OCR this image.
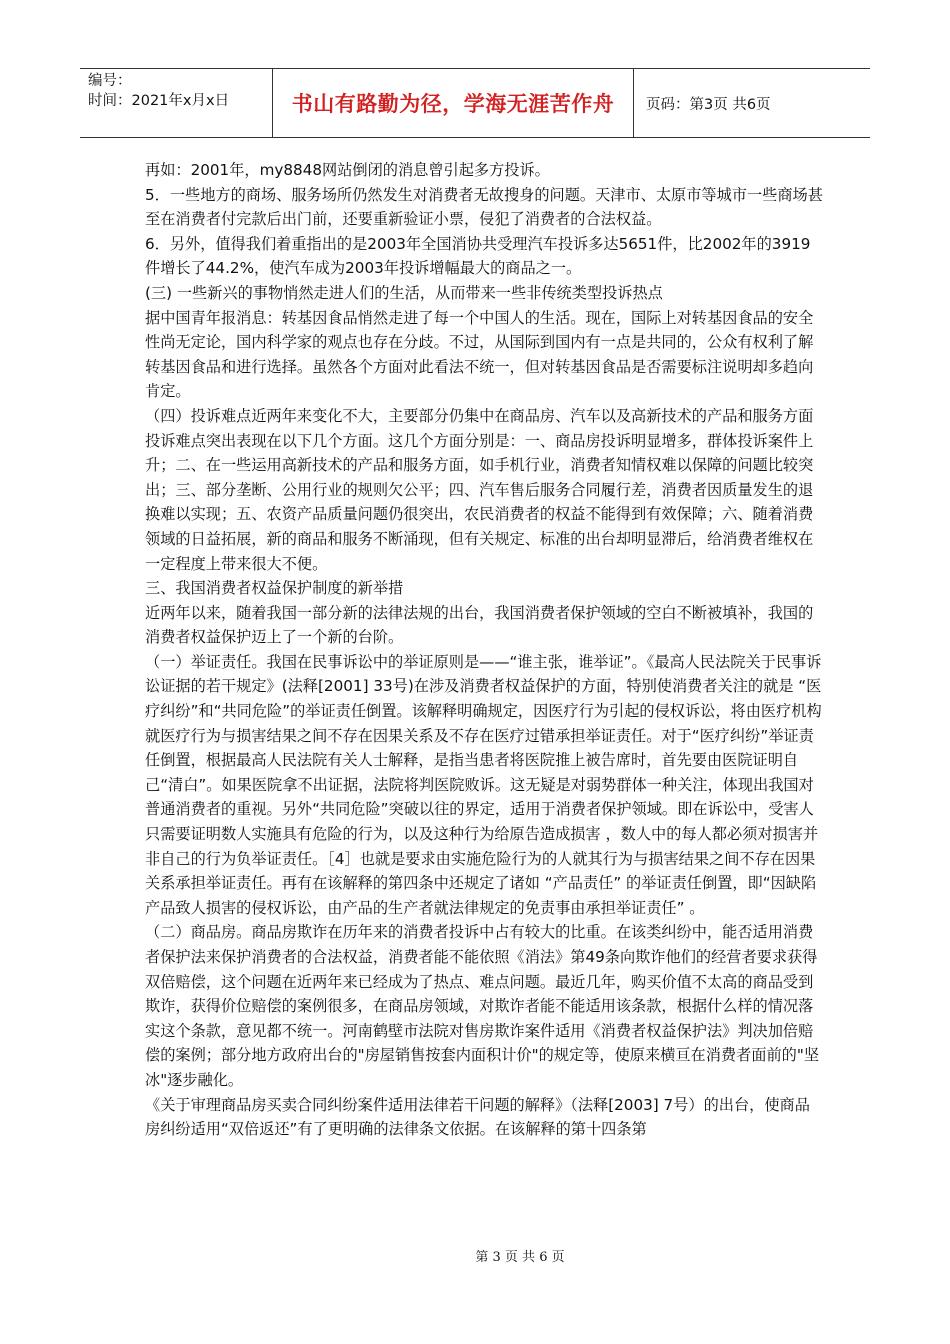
编号：
时间：2021年x月x日	书山有路勤为径，学海无涯苦作舟	页码：第3页 共6页

再如：2001年，my8848网站倒闭的消息曾引起多方投诉。

5．一些地方的商场、服务场所仍然发生对消费者无故搜身的问题。天津市、太原市等城市一些商场甚至在消费者付完款后出门前，还要重新验证小票，侵犯了消费者的合法权益。

6．另外，值得我们着重指出的是2003年全国消协共受理汽车投诉多达5651件，比2002年的3919件增长了44.2%，使汽车成为2003年投诉增幅最大的商品之一。

(三) 一些新兴的事物悄然走进人们的生活，从而带来一些非传统类型投诉热点

据中国青年报消息：转基因食品悄然走进了每一个中国人的生活。现在，国际上对转基因食品的安全性尚无定论，国内科学家的观点也存在分歧。不过，从国际到国内有一点是共同的，公众有权利了解转基因食品和进行选择。虽然各个方面对此看法不统一，但对转基因食品是否需要标注说明却多趋向肯定。

（四）投诉难点近两年来变化不大，主要部分仍集中在商品房、汽车以及高新技术的产品和服务方面

投诉难点突出表现在以下几个方面。这几个方面分别是：一、商品房投诉明显增多，群体投诉案件上升；二、在一些运用高新技术的产品和服务方面，如手机行业，消费者知情权难以保障的问题比较突出；三、部分垄断、公用行业的规则欠公平；四、汽车售后服务合同履行差，消费者因质量发生的退换难以实现；五、农资产品质量问题仍很突出，农民消费者的权益不能得到有效保障；六、随着消费领域的日益拓展，新的商品和服务不断涌现，但有关规定、标准的出台却明显滞后，给消费者维权在一定程度上带来很大不便。

三、我国消费者权益保护制度的新举措

近两年以来，随着我国一部分新的法律法规的出台，我国消费者保护领域的空白不断被填补，我国的消费者权益保护迈上了一个新的台阶。

（一）举证责任。我国在民事诉讼中的举证原则是——“谁主张，谁举证”。《最高人民法院关于民事诉讼证据的若干规定》(法释[2001] 33号)在涉及消费者权益保护的方面，特别使消费者关注的就是 “医疗纠纷”和“共同危险”的举证责任倒置。该解释明确规定，因医疗行为引起的侵权诉讼，将由医疗机构就医疗行为与损害结果之间不存在因果关系及不存在医疗过错承担举证责任。对于“医疗纠纷”举证责任倒置，根据最高人民法院有关人士解释，是指当患者将医院推上被告席时，首先要由医院证明自己“清白”。如果医院拿不出证据，法院将判医院败诉。这无疑是对弱势群体一种关注，体现出我国对普通消费者的重视。另外“共同危险”突破以往的界定，适用于消费者保护领域。即在诉讼中，受害人只需要证明数人实施具有危险的行为，以及这种行为给原告造成损害 ，数人中的每人都必须对损害并非自己的行为负举证责任。［4］也就是要求由实施危险行为的人就其行为与损害结果之间不存在因果关系承担举证责任。再有在该解释的第四条中还规定了诸如 “产品责任” 的举证责任倒置，即“因缺陷产品致人损害的侵权诉讼，由产品的生产者就法律规定的免责事由承担举证责任” 。

（二）商品房。商品房欺诈在历年来的消费者投诉中占有较大的比重。在该类纠纷中，能否适用消费者保护法来保护消费者的合法权益，消费者能不能依照《消法》第49条向欺诈他们的经营者要求获得双倍赔偿，这个问题在近两年来已经成为了热点、难点问题。最近几年，购买价值不太高的商品受到欺诈，获得价位赔偿的案例很多，在商品房领域，对欺诈者能不能适用该条款，根据什么样的情况落实这个条款，意见都不统一。河南鹤壁市法院对售房欺诈案件适用《消费者权益保护法》判决加倍赔偿的案例；部分地方政府出台的"房屋销售按套内面积计价"的规定等，使原来横亘在消费者面前的"坚冰"逐步融化。

《关于审理商品房买卖合同纠纷案件适用法律若干问题的解释》（法释[2003] 7号）的出台，使商品房纠纷适用“双倍返还”有了更明确的法律条文依据。在该解释的第十四条第

第 3 页 共 6 页
